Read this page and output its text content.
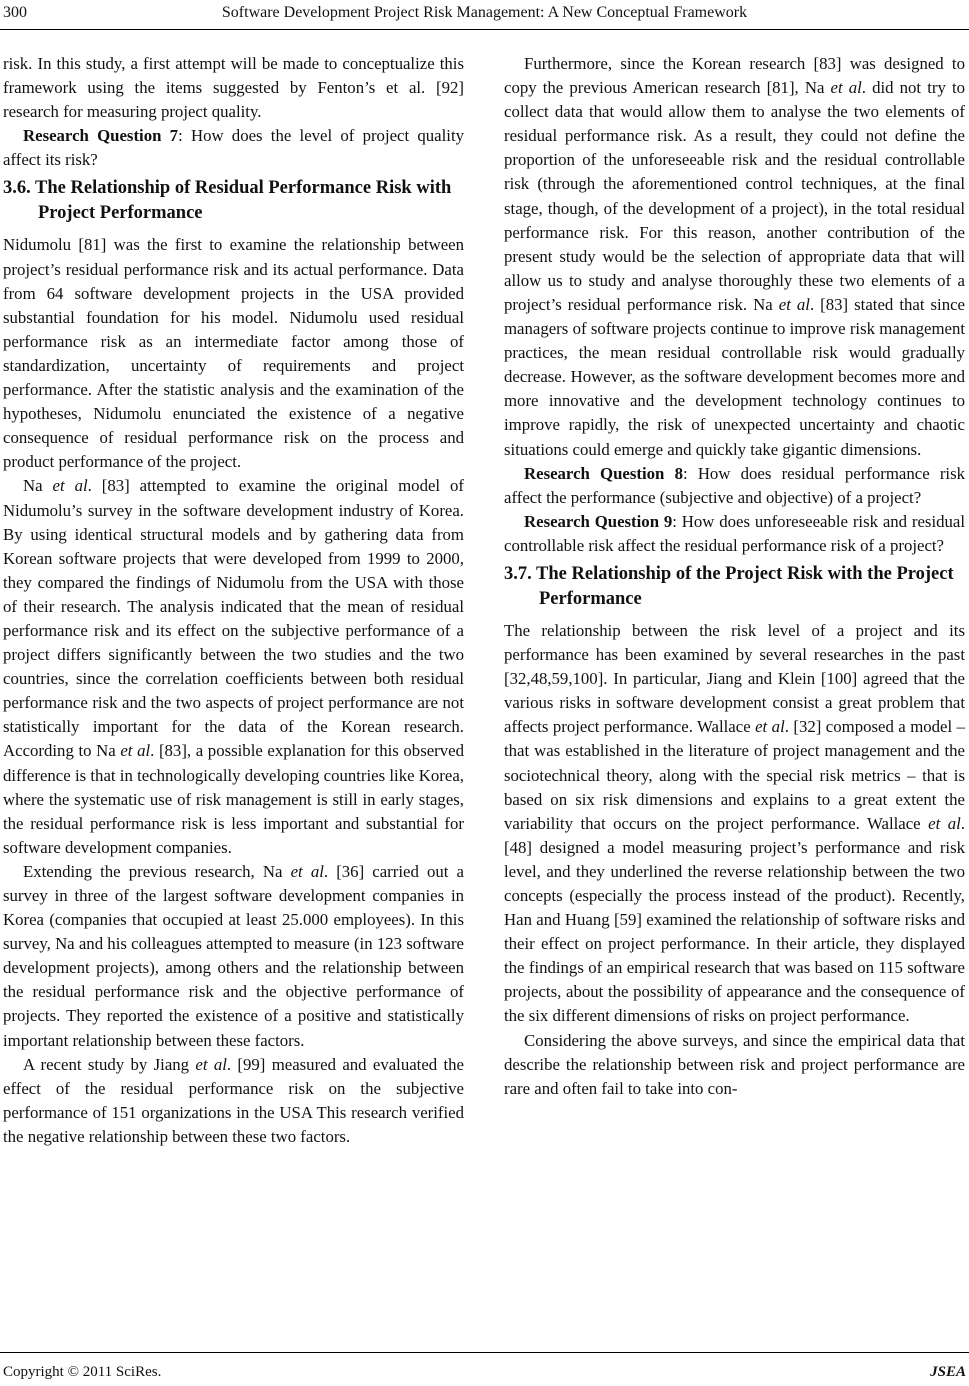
300	Software Development Project Risk Management: A New Conceptual Framework

risk. In this study, a first attempt will be made to conceptualize this framework using the items suggested by Fenton’s et al. [92] research for measuring project quality.

Research Question 7: How does the level of project quality affect its risk?

3.6. The Relationship of Residual Performance Risk with Project Performance

Nidumolu [81] was the first to examine the relationship between project’s residual performance risk and its actual performance. Data from 64 software development projects in the USA provided substantial foundation for his model. Nidumolu used residual performance risk as an intermediate factor among those of standardization, uncertainty of requirements and project performance. After the statistic analysis and the examination of the hypotheses, Nidumolu enunciated the existence of a negative consequence of residual performance risk on the process and product performance of the project.

Na et al. [83] attempted to examine the original model of Nidumolu’s survey in the software development industry of Korea. By using identical structural models and by gathering data from Korean software projects that were developed from 1999 to 2000, they compared the findings of Nidumolu from the USA with those of their research. The analysis indicated that the mean of residual performance risk and its effect on the subjective performance of a project differs significantly between the two studies and the two countries, since the correlation coefficients between both residual performance risk and the two aspects of project performance are not statistically important for the data of the Korean research. According to Na et al. [83], a possible explanation for this observed difference is that in technologically developing countries like Korea, where the systematic use of risk management is still in early stages, the residual performance risk is less important and substantial for software development companies.

Extending the previous research, Na et al. [36] carried out a survey in three of the largest software development companies in Korea (companies that occupied at least 25.000 employees). In this survey, Na and his colleagues attempted to measure (in 123 software development projects), among others and the relationship between the residual performance risk and the objective performance of projects. They reported the existence of a positive and statistically important relationship between these factors.

A recent study by Jiang et al. [99] measured and evaluated the effect of the residual performance risk on the subjective performance of 151 organizations in the USA This research verified the negative relationship between these two factors.

Furthermore, since the Korean research [83] was designed to copy the previous American research [81], Na et al. did not try to collect data that would allow them to analyse the two elements of residual performance risk. As a result, they could not define the proportion of the unforeseeable risk and the residual controllable risk (through the aforementioned control techniques, at the final stage, though, of the development of a project), in the total residual performance risk. For this reason, another contribution of the present study would be the selection of appropriate data that will allow us to study and analyse thoroughly these two elements of a project’s residual performance risk. Na et al. [83] stated that since managers of software projects continue to improve risk management practices, the mean residual controllable risk would gradually decrease. However, as the software development becomes more and more innovative and the development technology continues to improve rapidly, the risk of unexpected uncertainty and chaotic situations could emerge and quickly take gigantic dimensions.

Research Question 8: How does residual performance risk affect the performance (subjective and objective) of a project?

Research Question 9: How does unforeseeable risk and residual controllable risk affect the residual performance risk of a project?

3.7. The Relationship of the Project Risk with the Project Performance

The relationship between the risk level of a project and its performance has been examined by several researches in the past [32,48,59,100]. In particular, Jiang and Klein [100] agreed that the various risks in software development consist a great problem that affects project performance. Wallace et al. [32] composed a model – that was established in the literature of project management and the sociotechnical theory, along with the special risk metrics – that is based on six risk dimensions and explains to a great extent the variability that occurs on the project performance. Wallace et al. [48] designed a model measuring project’s performance and risk level, and they underlined the reverse relationship between the two concepts (especially the process instead of the product). Recently, Han and Huang [59] examined the relationship of software risks and their effect on project performance. In their article, they displayed the findings of an empirical research that was based on 115 software projects, about the possibility of appearance and the consequence of the six different dimensions of risks on project performance.

Considering the above surveys, and since the empirical data that describe the relationship between risk and project performance are rare and often fail to take into con-

Copyright © 2011 SciRes.	JSEA
